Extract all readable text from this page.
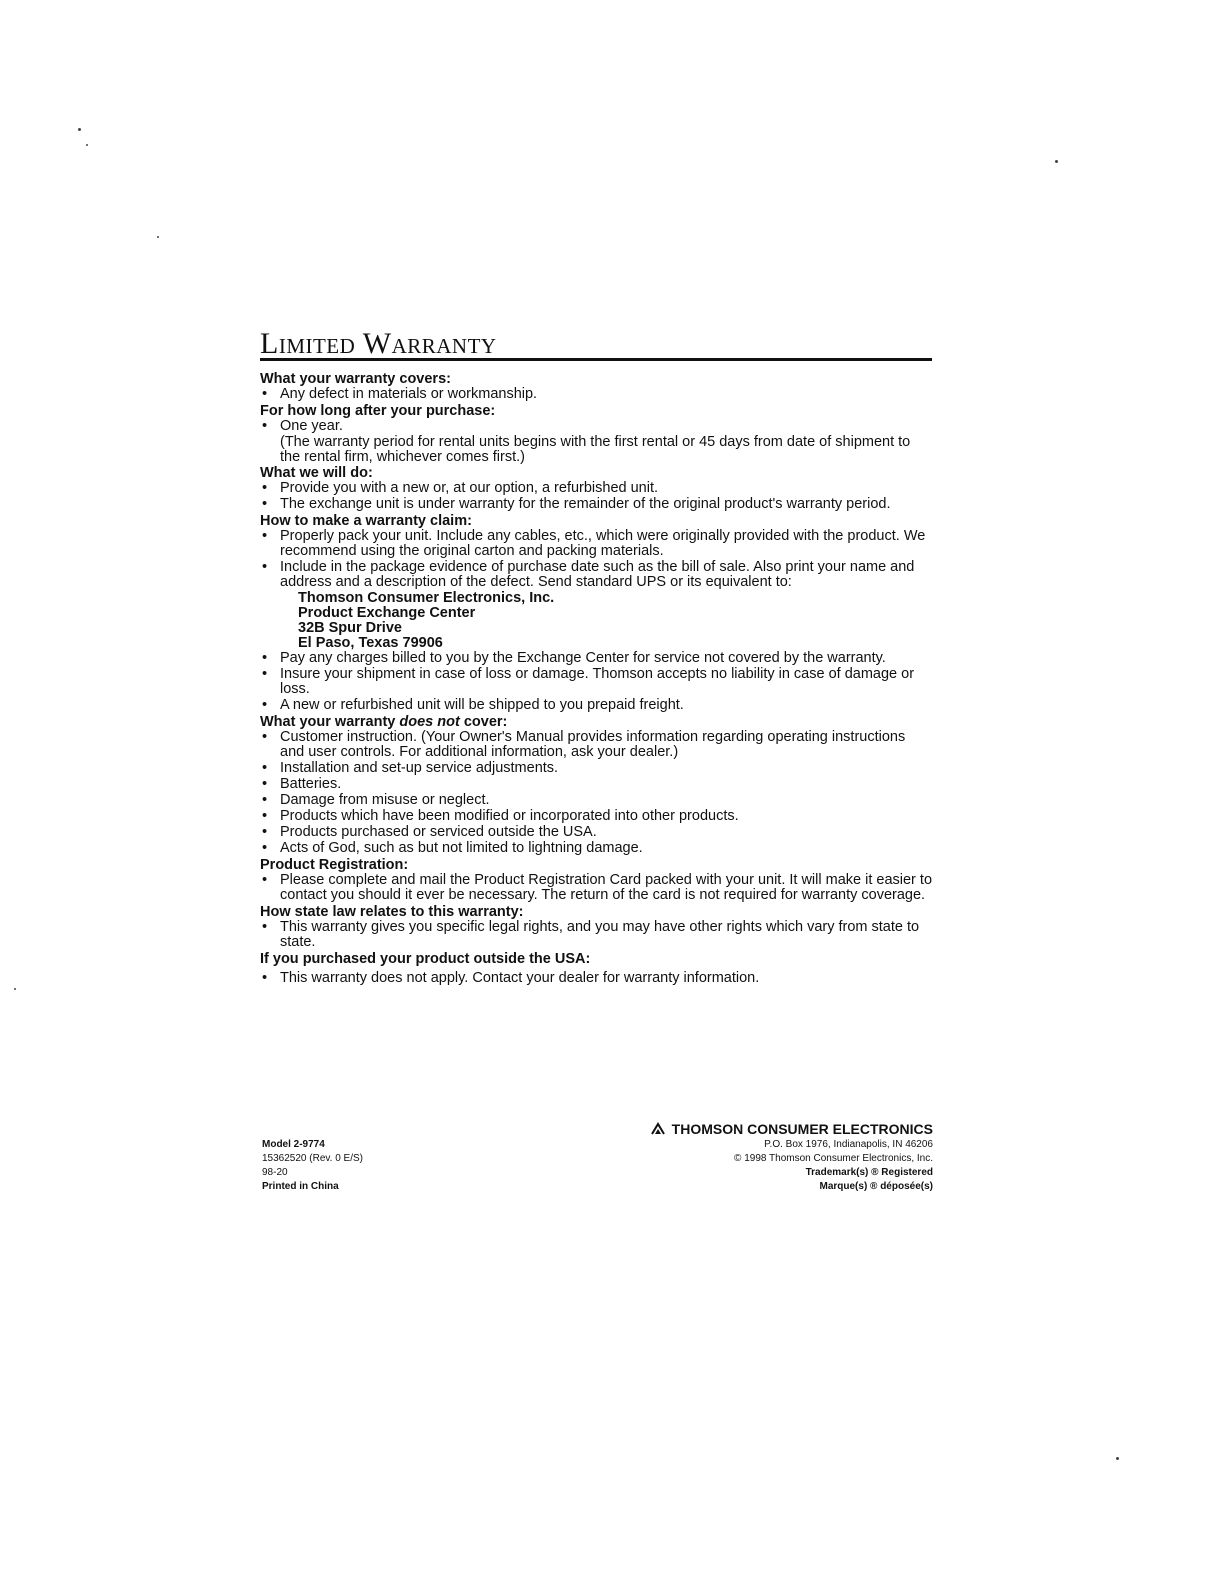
Limited Warranty

What your warranty covers:

• Any defect in materials or workmanship.

For how long after your purchase:

• One year.

(The warranty period for rental units begins with the first rental or 45 days from date of shipment to the rental firm, whichever comes first.)

What we will do:

• Provide you with a new or, at our option, a refurbished unit.

• The exchange unit is under warranty for the remainder of the original product's warranty period.

How to make a warranty claim:

• Properly pack your unit. Include any cables, etc., which were originally provided with the product. We recommend using the original carton and packing materials.

• Include in the package evidence of purchase date such as the bill of sale. Also print your name and address and a description of the defect. Send standard UPS or its equivalent to:

Thomson Consumer Electronics, Inc.

Product Exchange Center

32B Spur Drive

El Paso, Texas 79906

• Pay any charges billed to you by the Exchange Center for service not covered by the warranty.

• Insure your shipment in case of loss or damage. Thomson accepts no liability in case of damage or loss.

• A new or refurbished unit will be shipped to you prepaid freight.

What your warranty does not cover:

• Customer instruction. (Your Owner's Manual provides information regarding operating instructions and user controls. For additional information, ask your dealer.)

• Installation and set-up service adjustments.

• Batteries.

• Damage from misuse or neglect.

• Products which have been modified or incorporated into other products.

• Products purchased or serviced outside the USA.

• Acts of God, such as but not limited to lightning damage.

Product Registration:

• Please complete and mail the Product Registration Card packed with your unit. It will make it easier to contact you should it ever be necessary. The return of the card is not required for warranty coverage.

How state law relates to this warranty:

• This warranty gives you specific legal rights, and you may have other rights which vary from state to state.

If you purchased your product outside the USA:

• This warranty does not apply. Contact your dealer for warranty information.

Model 2-9774
15362520 (Rev. 0 E/S)
98-20
Printed in China
THOMSON CONSUMER ELECTRONICS
P.O. Box 1976, Indianapolis, IN 46206
© 1998 Thomson Consumer Electronics, Inc.
Trademark(s) ® Registered
Marque(s) ® déposée(s)
